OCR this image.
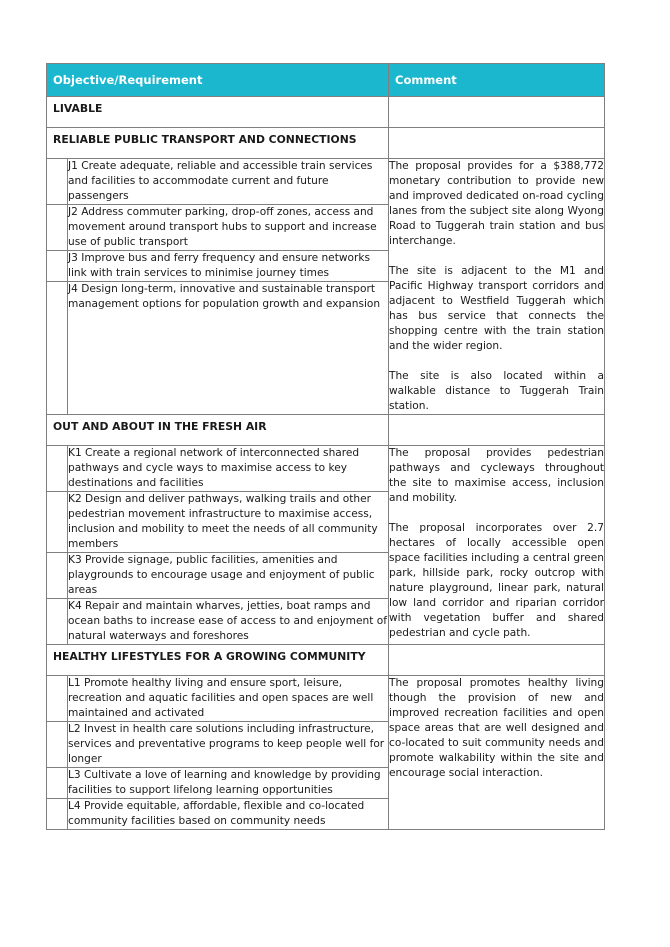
Objective/Requirement		Comment
LIVABLE		
RELIABLE PUBLIC TRANSPORT AND CONNECTIONS		
	J1 Create adequate, reliable and accessible train services and facilities to accommodate current and future passengers	The proposal provides for a $388,772 monetary contribution to provide new and improved dedicated on-road cycling lanes from the subject site along Wyong Road to Tuggerah train station and bus interchange.

The site is adjacent to the M1 and Pacific Highway transport corridors and adjacent to Westfield Tuggerah which has bus service that connects the shopping centre with the train station and the wider region.

The site is also located within a walkable distance to Tuggerah Train station.

	J2 Address commuter parking, drop-off zones, access and movement around transport hubs to support and increase use of public transport	
	J3 Improve bus and ferry frequency and ensure networks link with train services to minimise journey times	
	J4 Design long-term, innovative and sustainable transport management options for population growth and expansion	
OUT AND ABOUT IN THE FRESH AIR		
	K1 Create a regional network of interconnected shared pathways and cycle ways to maximise access to key destinations and facilities	The proposal provides pedestrian pathways and cycleways throughout the site to maximise access, inclusion and mobility.

The proposal incorporates over 2.7 hectares of locally accessible open space facilities including a central green park, hillside park, rocky outcrop with nature playground, linear park, natural low land corridor and riparian corridor with vegetation buffer and shared pedestrian and cycle path.

	K2 Design and deliver pathways, walking trails and other pedestrian movement infrastructure to maximise access, inclusion and mobility to meet the needs of all community members	
	K3 Provide signage, public facilities, amenities and playgrounds to encourage usage and enjoyment of public areas	
	K4 Repair and maintain wharves, jetties, boat ramps and ocean baths to increase ease of access to and enjoyment of natural waterways and foreshores	
HEALTHY LIFESTYLES FOR A GROWING COMMUNITY		
	L1 Promote healthy living and ensure sport, leisure, recreation and aquatic facilities and open spaces are well maintained and activated	The proposal promotes healthy living though the provision of new and improved recreation facilities and open space areas that are well designed and co-located to suit community needs and promote walkability within the site and encourage social interaction.

	L2 Invest in health care solutions including infrastructure, services and preventative programs to keep people well for longer	
	L3 Cultivate a love of learning and knowledge by providing facilities to support lifelong learning opportunities	
	L4 Provide equitable, affordable, flexible and co-located community facilities based on community needs	
